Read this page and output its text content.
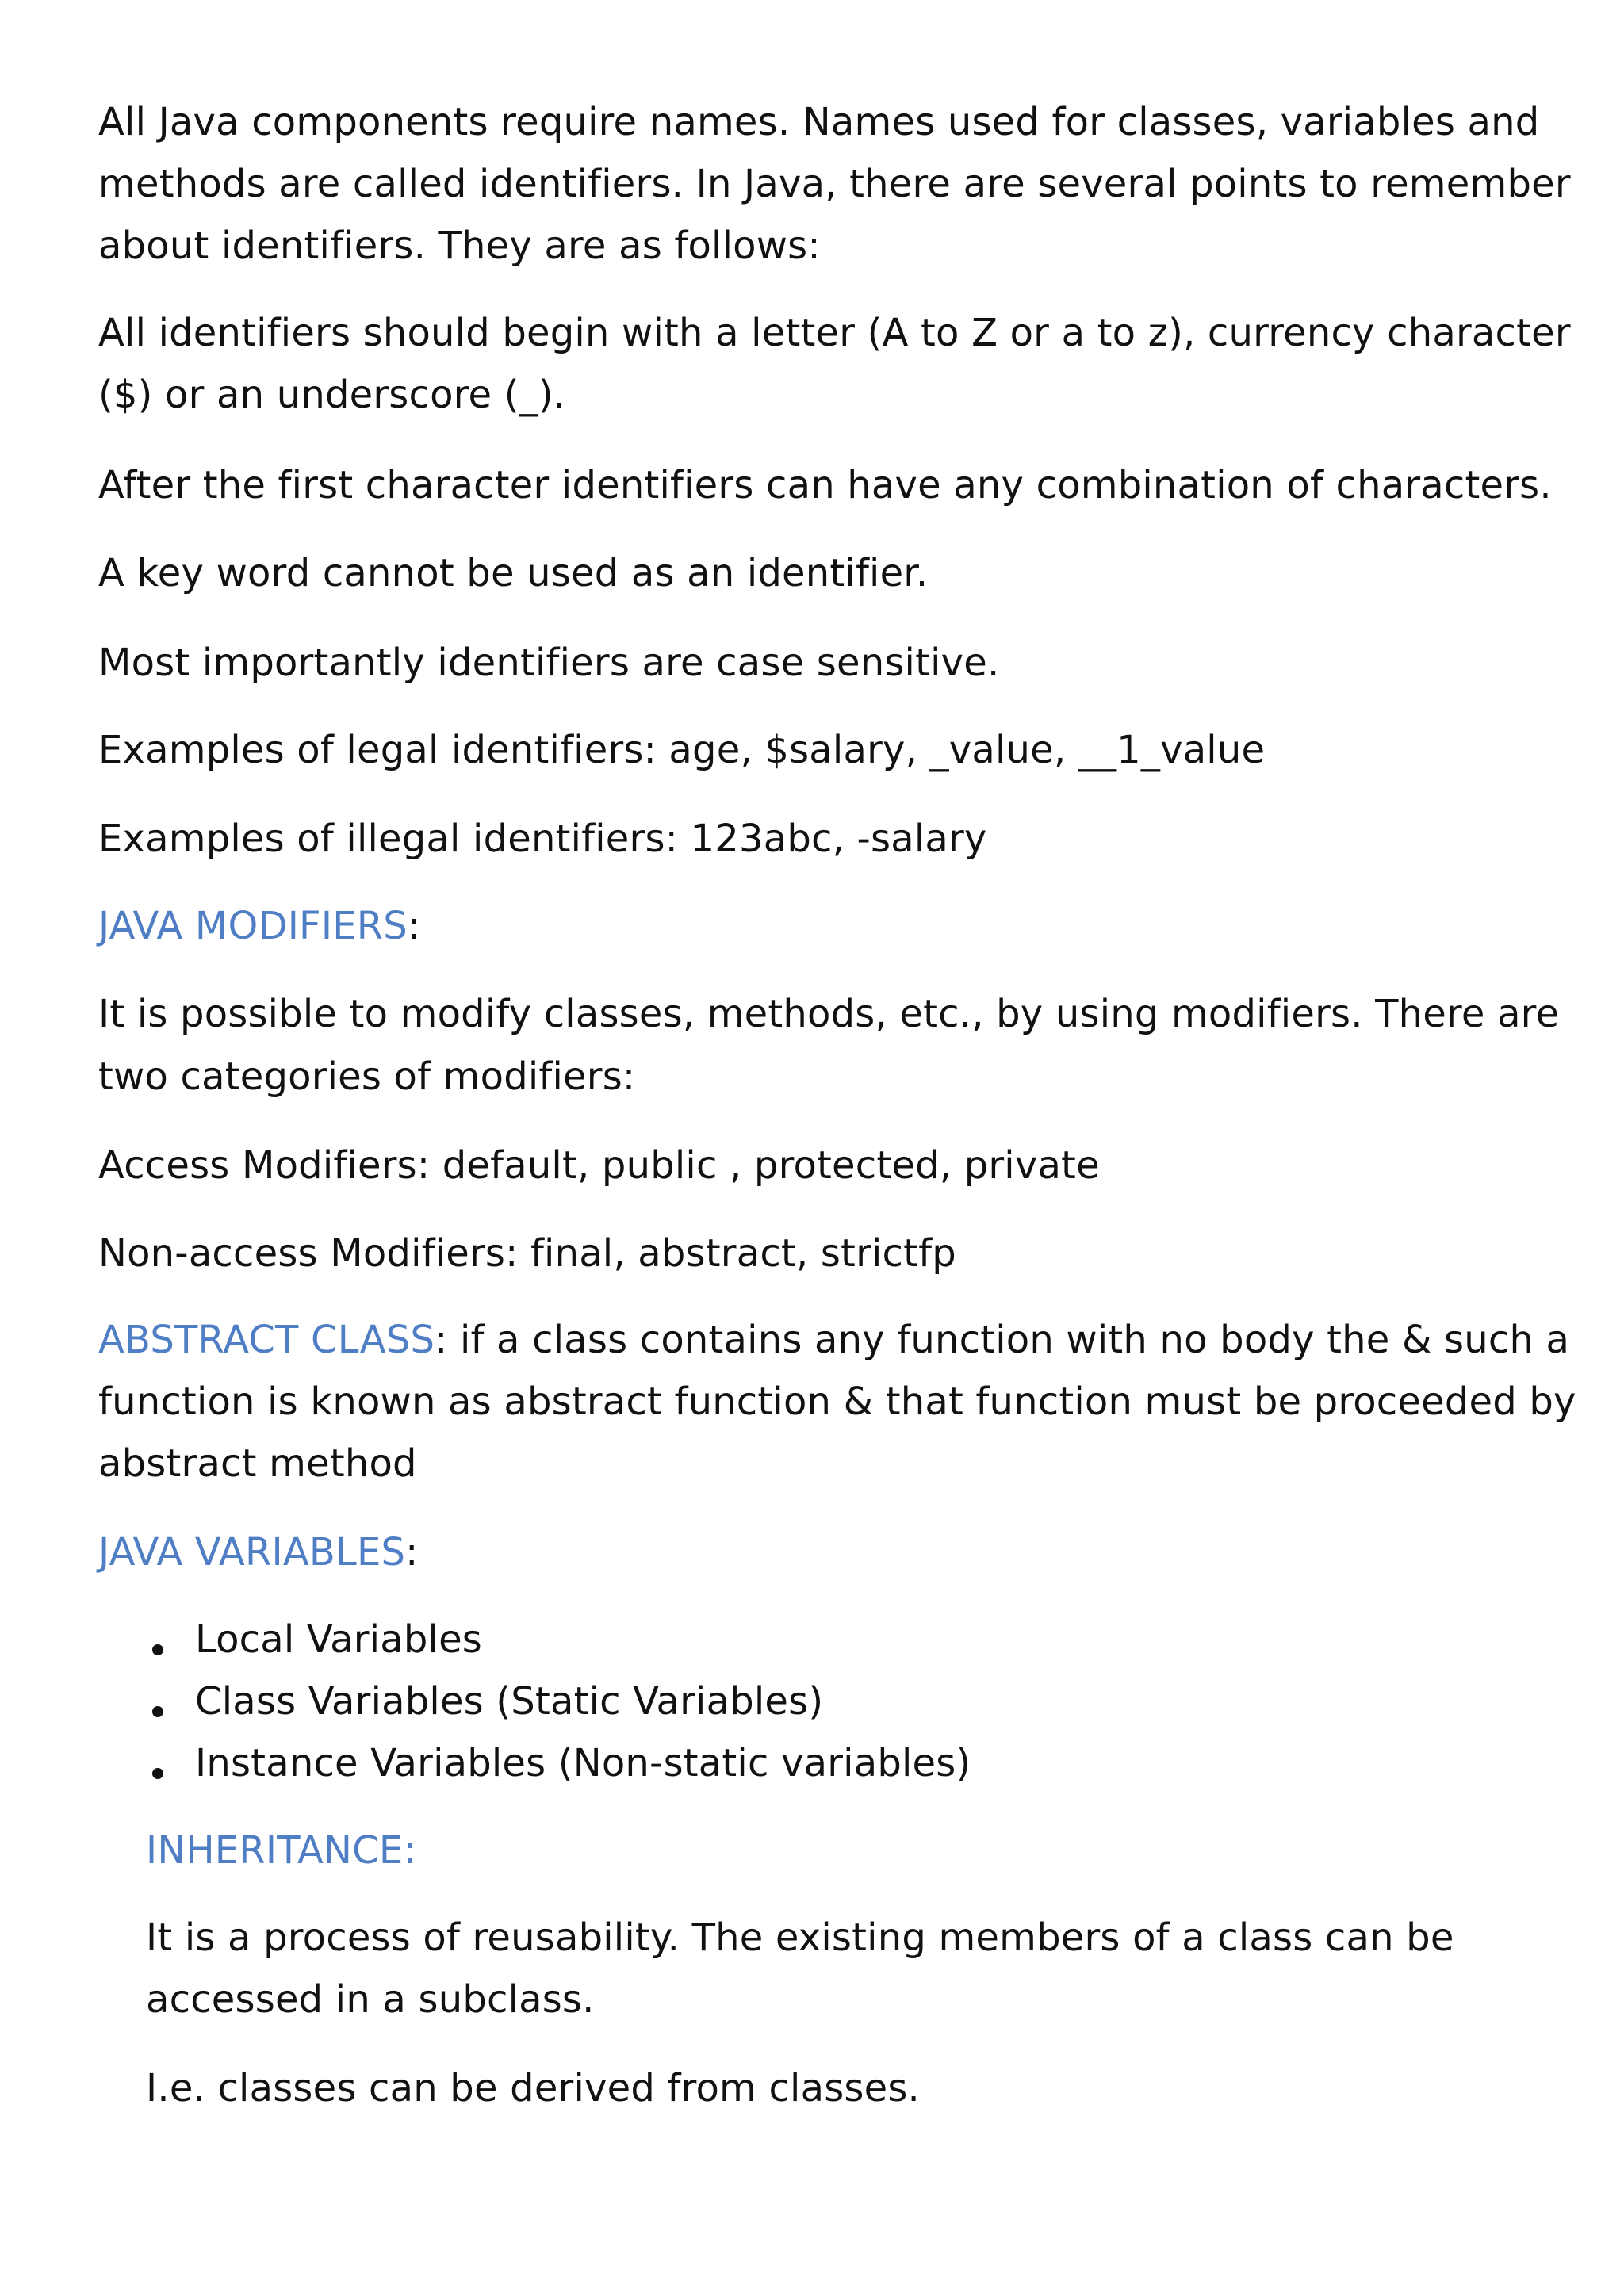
All Java components require names. Names used for classes, variables and
methods are called identifiers. In Java, there are several points to remember
about identifiers. They are as follows:
All identifiers should begin with a letter (A to Z or a to z), currency character
($) or an underscore (_).
After the first character identifiers can have any combination of characters.
A key word cannot be used as an identifier.
Most importantly identifiers are case sensitive.
Examples of legal identifiers: age, $salary, _value, __1_value
Examples of illegal identifiers: 123abc, -salary
JAVA MODIFIERS:
It is possible to modify classes, methods, etc., by using modifiers. There are
two categories of modifiers:
Access Modifiers: default, public , protected, private
Non-access Modifiers: final, abstract, strictfp
ABSTRACT CLASS: if a class contains any function with no body the & such a
function is known as abstract function & that function must be proceeded by
abstract method
JAVA VARIABLES:
Local Variables
Class Variables (Static Variables)
Instance Variables (Non-static variables)
INHERITANCE:
It is a process of reusability. The existing members of a class can be
accessed in a subclass.
I.e. classes can be derived from classes.
